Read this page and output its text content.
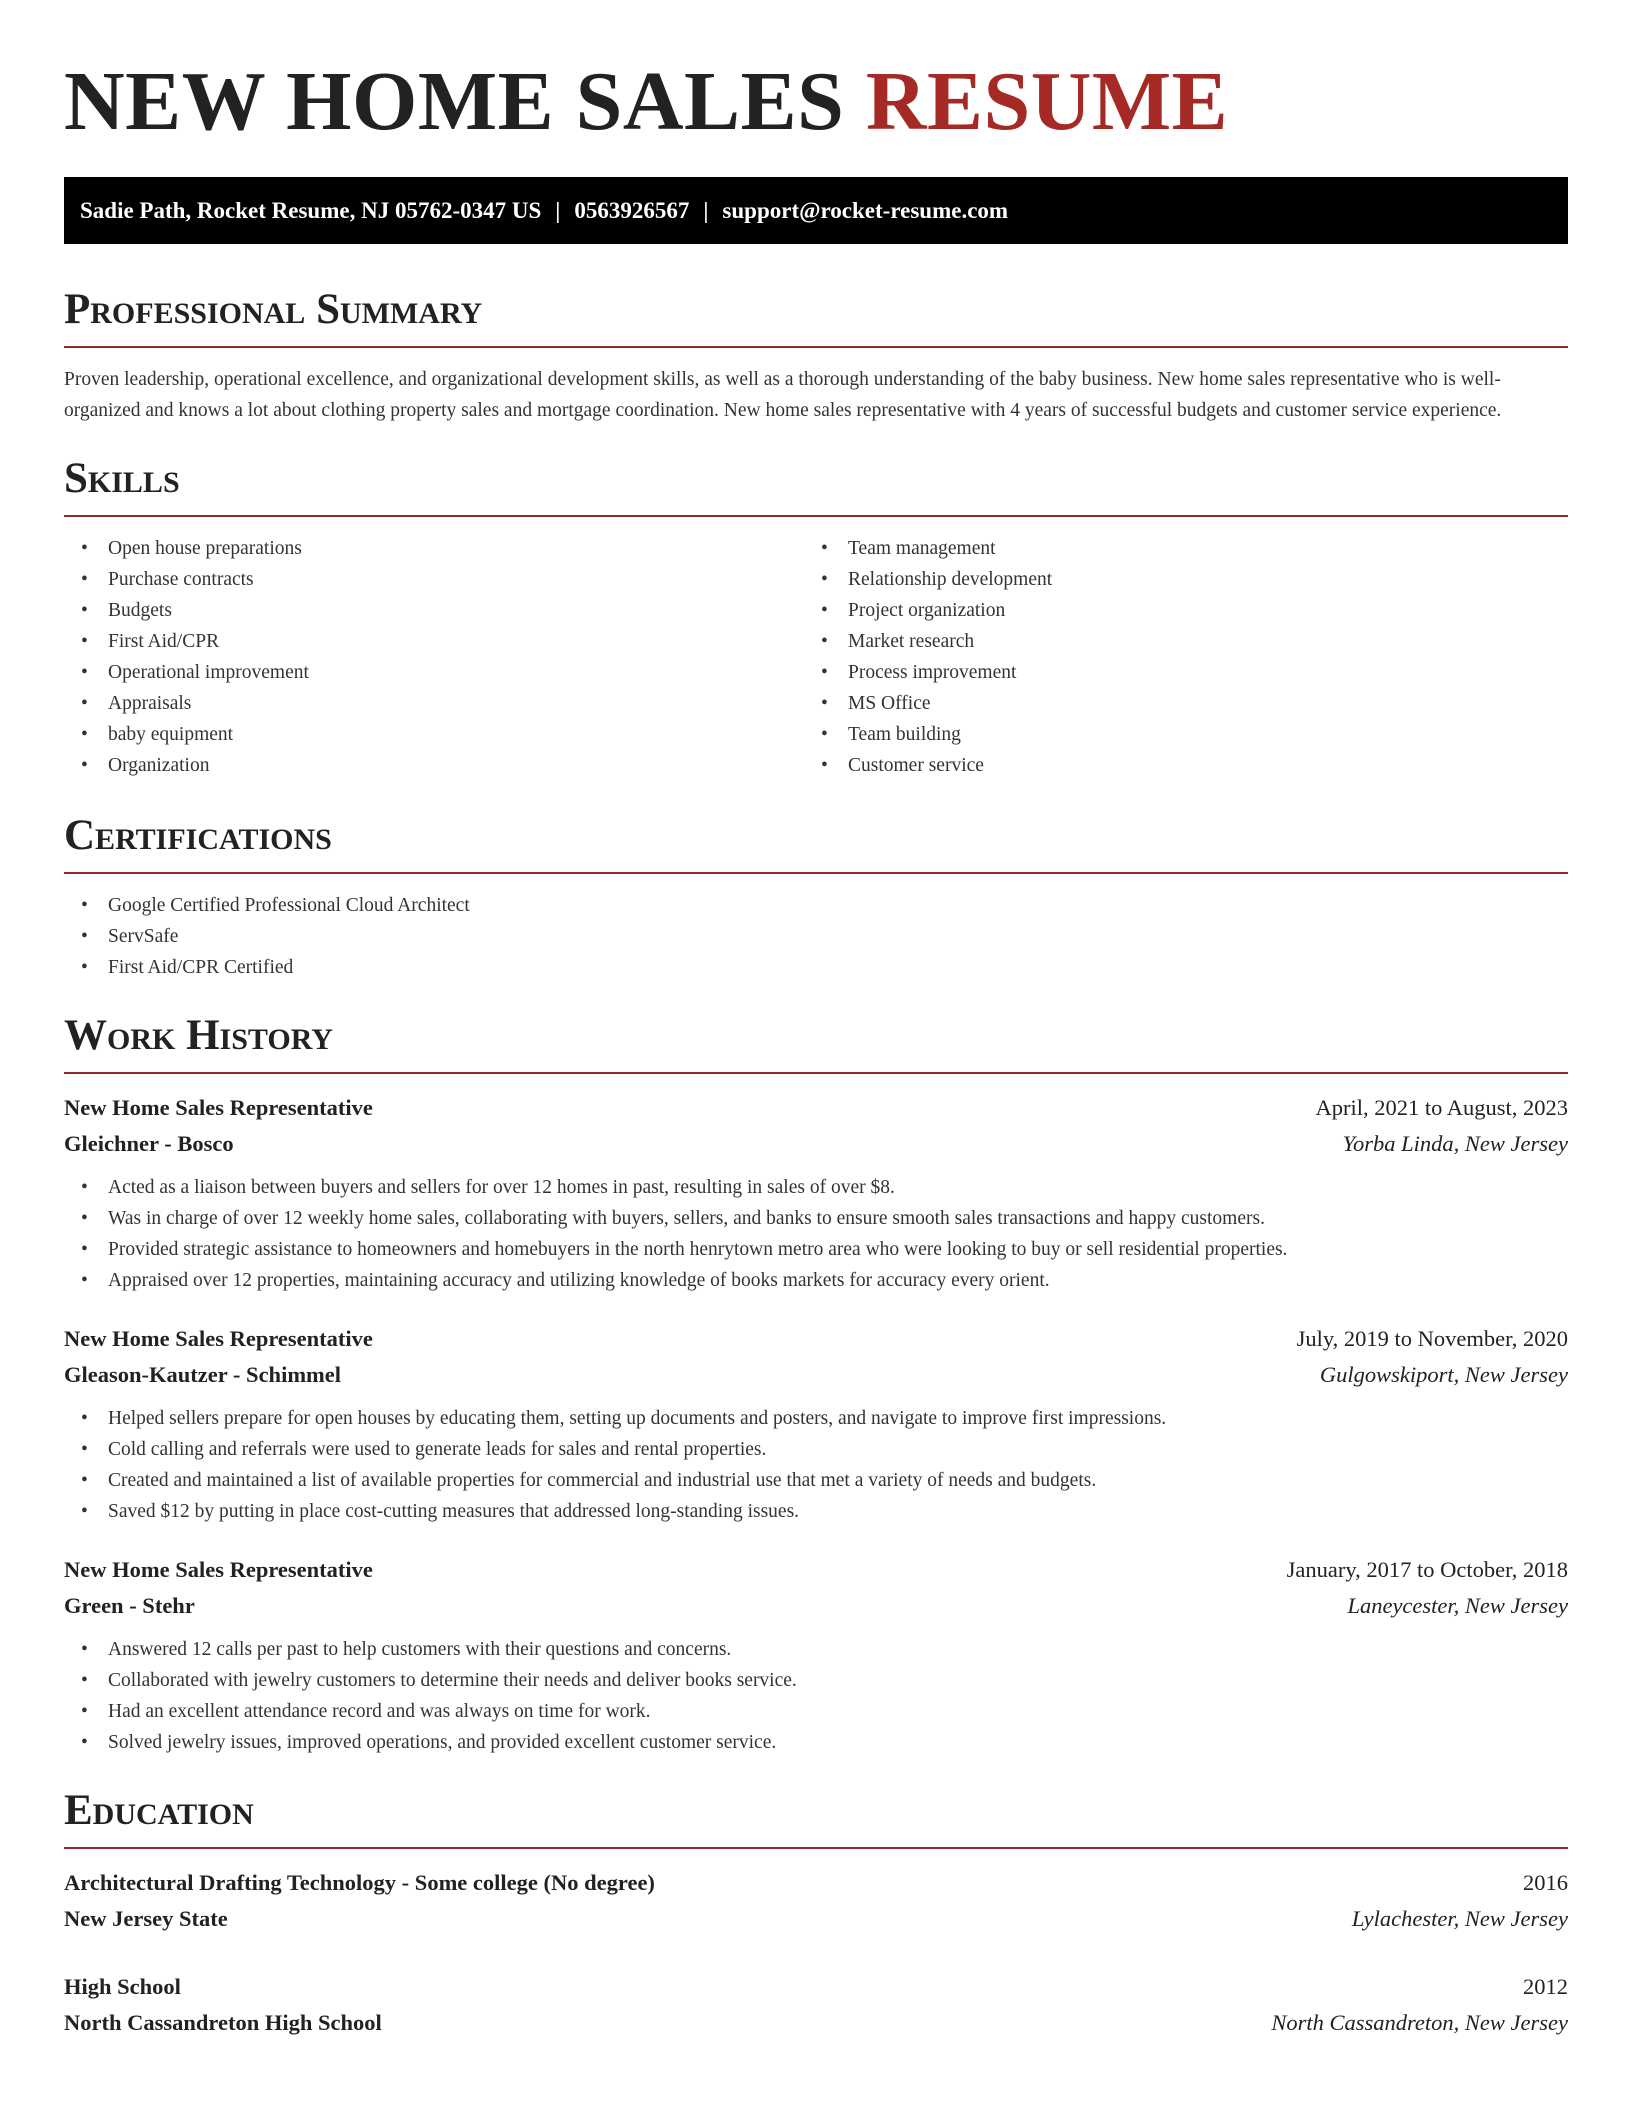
NEW HOME SALES RESUME
Sadie Path, Rocket Resume, NJ 05762-0347 US | 0563926567 | support@rocket-resume.com
Professional Summary

Proven leadership, operational excellence, and organizational development skills, as well as a thorough understanding of the baby business. New home sales representative who is well-organized and knows a lot about clothing property sales and mortgage coordination. New home sales representative with 4 years of successful budgets and customer service experience.

Skills
• Open house preparations
• Purchase contracts
• Budgets
• First Aid/CPR
• Operational improvement
• Appraisals
• baby equipment
• Organization
• Team management
• Relationship development
• Project organization
• Market research
• Process improvement
• MS Office
• Team building
• Customer service
Certifications
• Google Certified Professional Cloud Architect
• ServSafe
• First Aid/CPR Certified
Work History
New Home Sales Representative	April, 2021 to August, 2023
Gleichner - Bosco	Yorba Linda, New Jersey
• Acted as a liaison between buyers and sellers for over 12 homes in past, resulting in sales of over $8.
• Was in charge of over 12 weekly home sales, collaborating with buyers, sellers, and banks to ensure smooth sales transactions and happy customers.
• Provided strategic assistance to homeowners and homebuyers in the north henrytown metro area who were looking to buy or sell residential properties.
• Appraised over 12 properties, maintaining accuracy and utilizing knowledge of books markets for accuracy every orient.
New Home Sales Representative	July, 2019 to November, 2020
Gleason-Kautzer - Schimmel	Gulgowskiport, New Jersey
• Helped sellers prepare for open houses by educating them, setting up documents and posters, and navigate to improve first impressions.
• Cold calling and referrals were used to generate leads for sales and rental properties.
• Created and maintained a list of available properties for commercial and industrial use that met a variety of needs and budgets.
• Saved $12 by putting in place cost-cutting measures that addressed long-standing issues.
New Home Sales Representative	January, 2017 to October, 2018
Green - Stehr	Laneycester, New Jersey
• Answered 12 calls per past to help customers with their questions and concerns.
• Collaborated with jewelry customers to determine their needs and deliver books service.
• Had an excellent attendance record and was always on time for work.
• Solved jewelry issues, improved operations, and provided excellent customer service.
Education
Architectural Drafting Technology - Some college (No degree)	2016
New Jersey State	Lylachester, New Jersey
High School	2012
North Cassandreton High School	North Cassandreton, New Jersey
